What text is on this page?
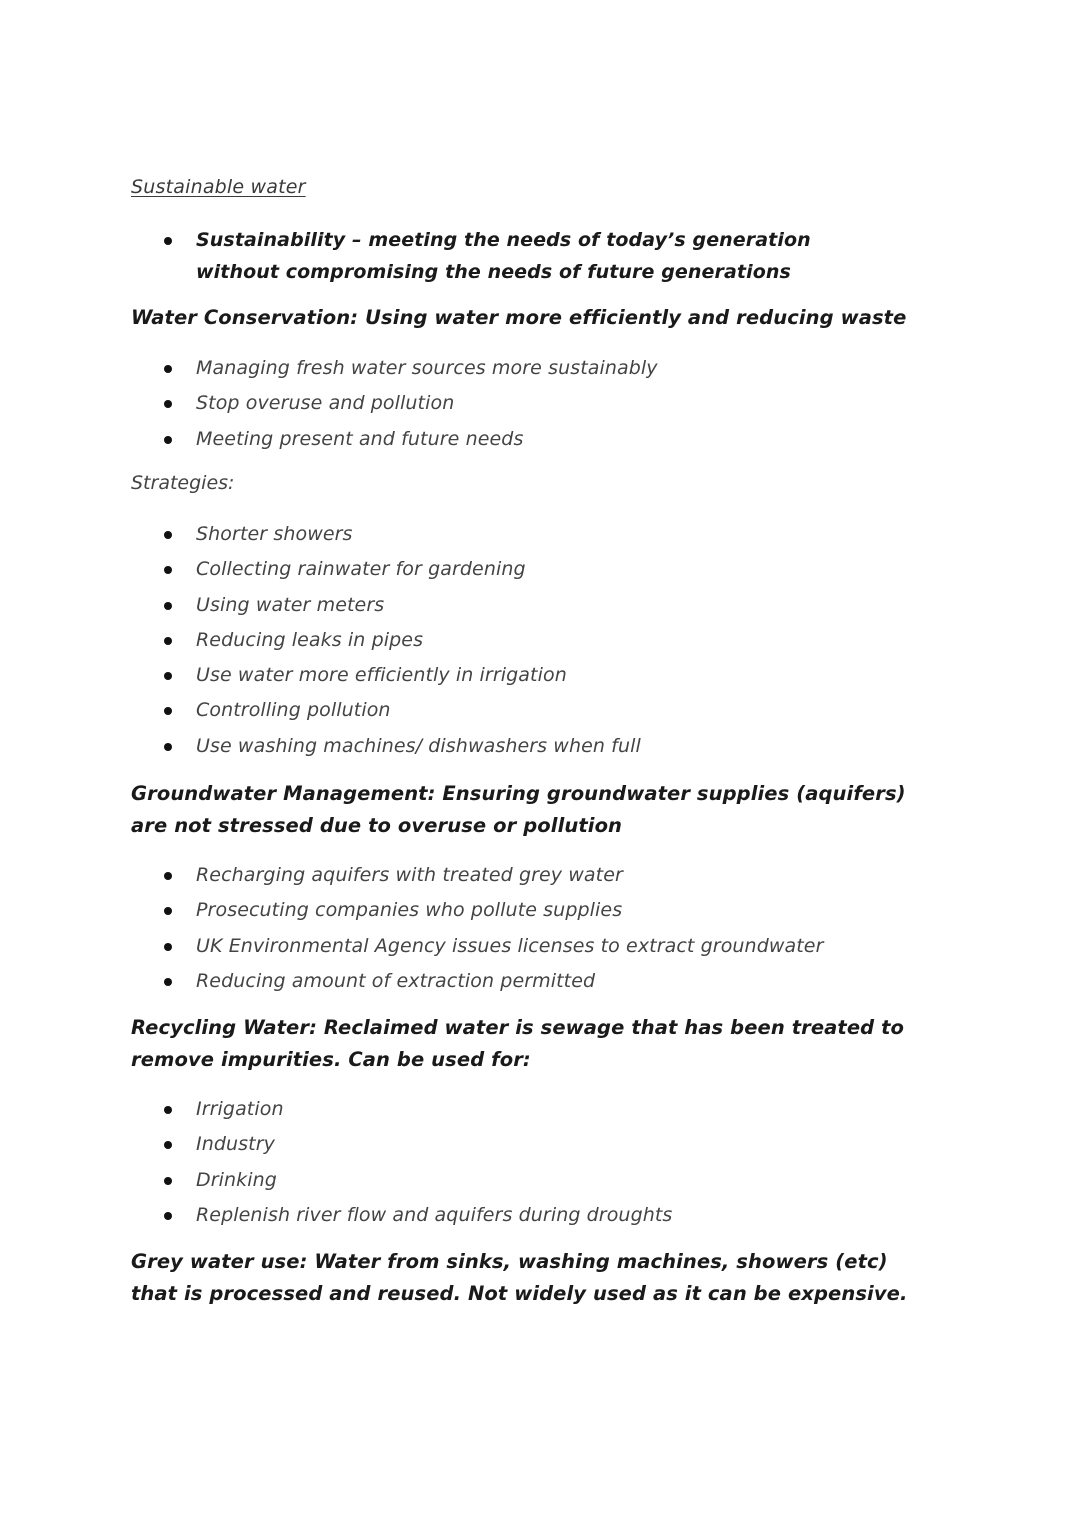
Sustainable water
Sustainability – meeting the needs of today’s generation without compromising the needs of future generations
Water Conservation: Using water more efficiently and reducing waste
Managing fresh water sources more sustainably
Stop overuse and pollution
Meeting present and future needs
Strategies:
Shorter showers
Collecting rainwater for gardening
Using water meters
Reducing leaks in pipes
Use water more efficiently in irrigation
Controlling pollution
Use washing machines/ dishwashers when full
Groundwater Management: Ensuring groundwater supplies (aquifers) are not stressed due to overuse or pollution
Recharging aquifers with treated grey water
Prosecuting companies who pollute supplies
UK Environmental Agency issues licenses to extract groundwater
Reducing amount of extraction permitted
Recycling Water: Reclaimed water is sewage that has been treated to remove impurities. Can be used for:
Irrigation
Industry
Drinking
Replenish river flow and aquifers during droughts
Grey water use: Water from sinks, washing machines, showers (etc) that is processed and reused. Not widely used as it can be expensive.
